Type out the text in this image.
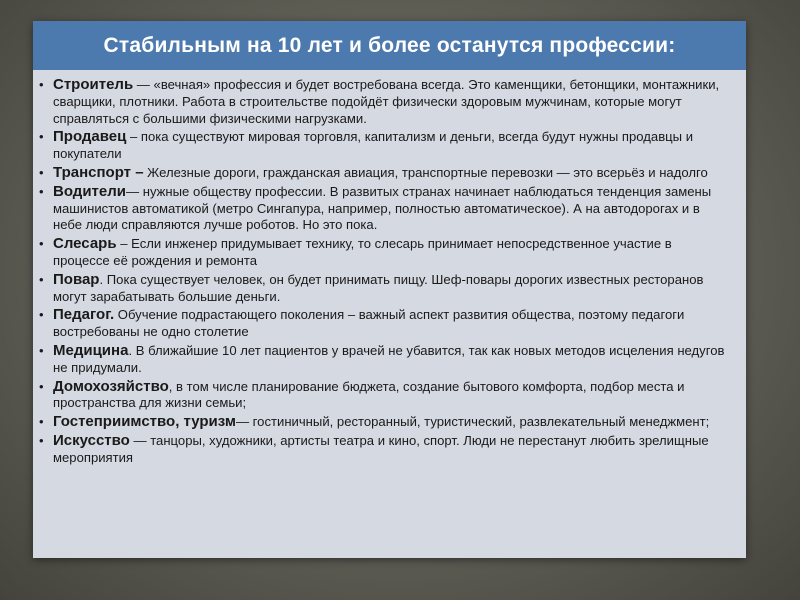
Стабильным на 10 лет и более останутся профессии:
• Строитель — «вечная» профессия и будет востребована всегда. Это каменщики, бетонщики, монтажники, сварщики, плотники. Работа в строительстве подойдёт физически здоровым мужчинам, которые могут справляться с большими физическими нагрузками.
• Продавец – пока существуют мировая торговля, капитализм и деньги, всегда будут нужны продавцы и покупатели
• Транспорт – Железные дороги, гражданская авиация, транспортные перевозки — это всерьёз и надолго
• Водители— нужные обществу профессии. В развитых странах начинает наблюдаться тенденция замены машинистов автоматикой (метро Сингапура, например, полностью автоматическое). А на автодорогах и в небе люди справляются лучше роботов. Но это пока.
• Слесарь – Если инженер придумывает технику, то слесарь принимает непосредственное участие в процессе её рождения и ремонта
• Повар. Пока существует человек, он будет принимать пищу. Шеф-повары дорогих известных ресторанов могут зарабатывать большие деньги.
• Педагог. Обучение подрастающего поколения – важный аспект развития общества, поэтому педагоги востребованы не одно столетие
• Медицина. В ближайшие 10 лет пациентов у врачей не убавится, так как новых методов исцеления недугов не придумали.
• Домохозяйство, в том числе планирование бюджета, создание бытового комфорта, подбор места и пространства для жизни семьи;
• Гостеприимство, туризм— гостиничный, ресторанный, туристический, развлекательный менеджмент;
• Искусство — танцоры, художники, артисты театра и кино, спорт. Люди не перестанут любить зрелищные мероприятия
